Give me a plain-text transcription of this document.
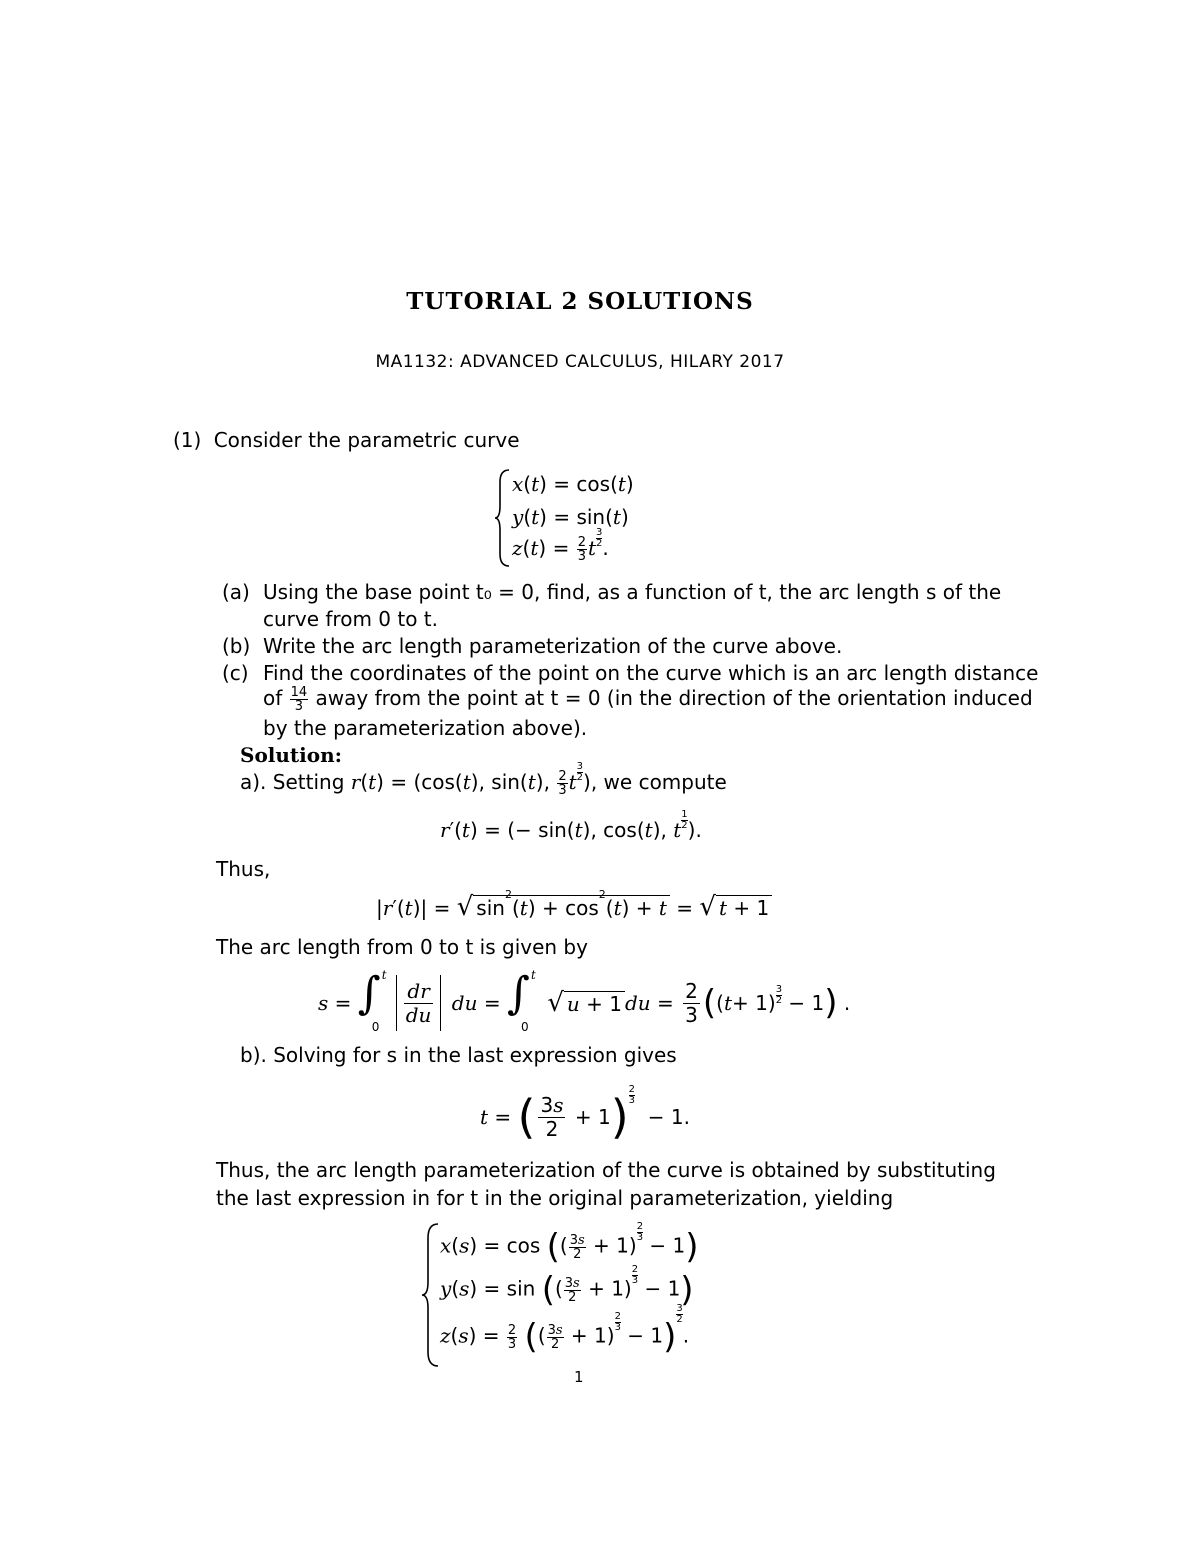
TUTORIAL 2 SOLUTIONS
MA1132: ADVANCED CALCULUS, HILARY 2017
(1) Consider the parametric curve
x(t) = cos(t)
y(t) = sin(t)
$z(t) = \frac{2}{3}$ t $\frac{3}{2}$ .
(a) Using the base point t₀ = 0, find, as a function of t, the arc length s of the
curve from 0 to t.
(b) Write the arc length parameterization of the curve above.
(c) Find the coordinates of the point on the curve which is an arc length distance
of $\frac{14}{3}$ away from the point at t = 0 (in the direction of the orientation induced
by the parameterization above).
Solution:
a). Setting r(t) = (cos(t), sin(t), $\frac{2}{3}$ t $\frac{3}{2}$ ), we compute
r′(t) = (− sin(t), cos(t), t $\frac{1}{2}$ ).
Thus,
|r′(t)| = √ $\sin^2(t) + \cos^2(t) + t$ = √ t + 1
The arc length from 0 to t is given by
s = ∫ t
0
dr
du
du = ∫ t
0

√ u + 1 du =
2
3 ( ( t + 1)
3
2 − 1 ) .
b). Solving for s in the last expression gives
t = ( 3s
2 + 1 )
2
3
− 1.
Thus, the arc length parameterization of the curve is obtained by substituting
the last expression in for t in the original parameterization, yielding
x(s) = cos (( $\frac{3s}{2} + 1$)
$\frac{2}{3}$
− 1)
y(s) = sin (( $\frac{3s}{2} + 1$)
$\frac{2}{3}$
− 1)
$z(s) = \frac{2}{3}$ (( $\frac{3s}{2} + 1$)
$\frac{2}{3}$
− 1)
$\frac{3}{2}$
.
1
